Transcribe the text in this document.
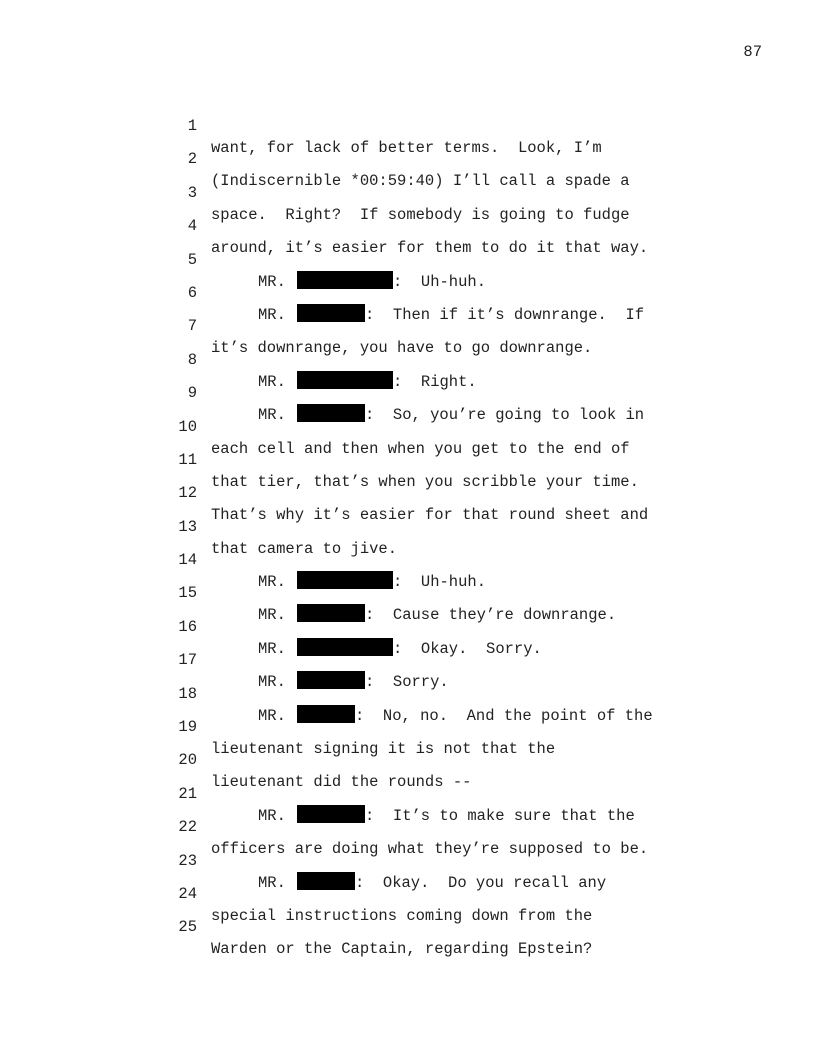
87

1

want, for lack of better terms.  Look, I’m

2

(Indiscernible *00:59:40) I’ll call a spade a

3

space.  Right?  If somebody is going to fudge

4

around, it’s easier for them to do it that way.

5

MR.	:  Uh-huh.

6

MR.	:  Then if it’s downrange.  If

7

it’s downrange, you have to go downrange.

8

MR.	:  Right.

9

MR.	:  So, you’re going to look in

10

each cell and then when you get to the end of

11

that tier, that’s when you scribble your time.

12

That’s why it’s easier for that round sheet and

13

that camera to jive.

14

MR.	:  Uh-huh.

15

MR.	:  Cause they’re downrange.

16

MR.	:  Okay.  Sorry.

17

MR.	:  Sorry.

18

MR.	:  No, no.  And the point of the

19

lieutenant signing it is not that the

20

lieutenant did the rounds --

21

MR.	:  It’s to make sure that the

22

officers are doing what they’re supposed to be.

23

MR.	:  Okay.  Do you recall any

24

special instructions coming down from the

25

Warden or the Captain, regarding Epstein?
